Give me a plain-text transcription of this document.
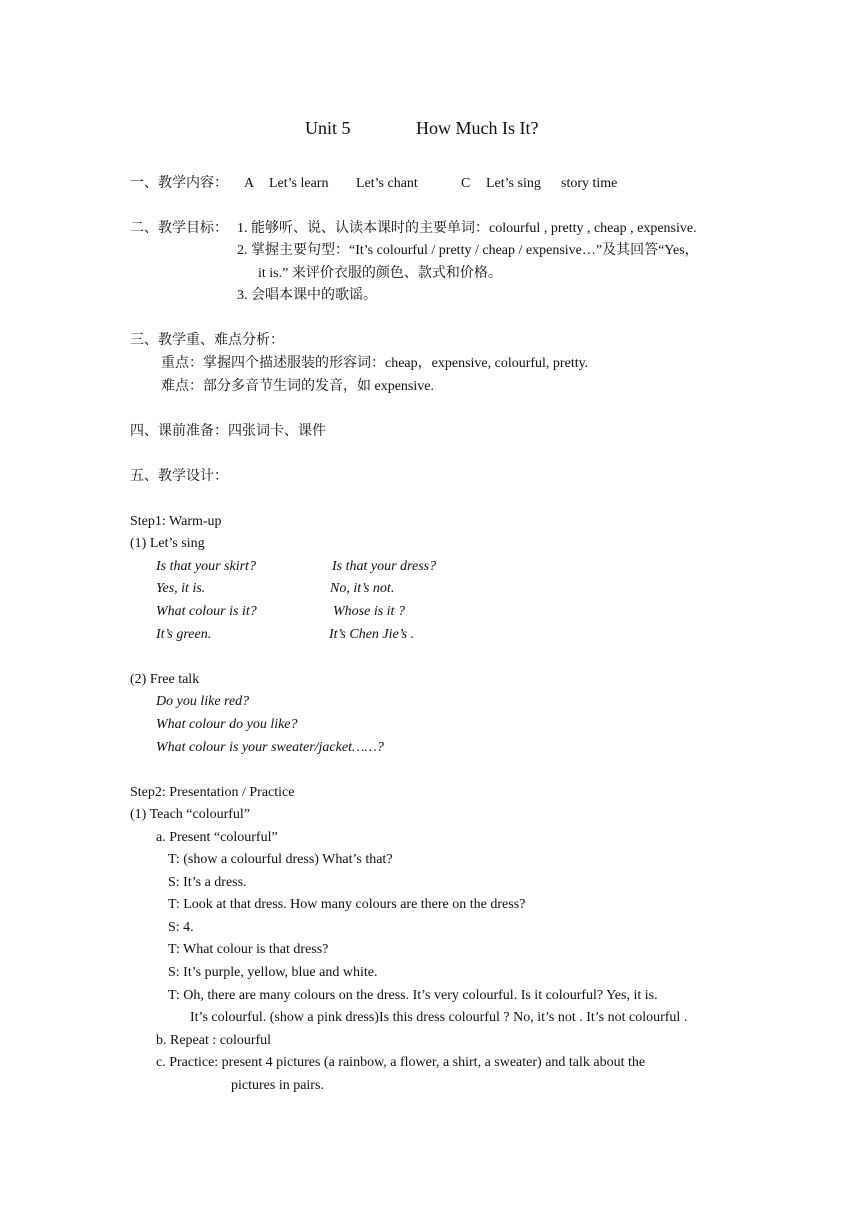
Unit 5	How Much Is It?
一、教学内容： A Let’s learn Let’s chant	C Let’s sing story time
二、教学目标： 1. 能够听、说、认读本课时的主要单词：colourful , pretty , cheap , expensive.
2. 掌握主要句型：“It’s colourful / pretty / cheap / expensive…”及其回答“Yes，
it is.” 来评价衣服的颜色、款式和价格。
3. 会唱本课中的歌谣。
三、教学重、难点分析：
重点：掌握四个描述服装的形容词：cheap，expensive, colourful, pretty.
难点：部分多音节生词的发音，如 expensive.
四、课前准备：四张词卡、课件
五、教学设计：
Step1: Warm-up
(1) Let’s sing
Is that your skirt?	Is that your dress?
Yes, it is.	No, it’s not.
What colour is it?	Whose is it ?
It’s green.	It’s Chen Jie’s .
(2) Free talk
Do you like red?
What colour do you like?
What colour is your sweater/jacket……?
Step2: Presentation / Practice
(1) Teach “colourful”
a. Present “colourful”
T: (show a colourful dress) What’s that?
S: It’s a dress.
T: Look at that dress. How many colours are there on the dress?
S: 4.
T: What colour is that dress?
S: It’s purple, yellow, blue and white.
T: Oh, there are many colours on the dress. It’s very colourful. Is it colourful? Yes, it is.
It’s colourful. (show a pink dress)Is this dress colourful ? No, it’s not . It’s not colourful .
b. Repeat : colourful
c. Practice: present 4 pictures (a rainbow, a flower, a shirt, a sweater) and talk about the
pictures in pairs.
